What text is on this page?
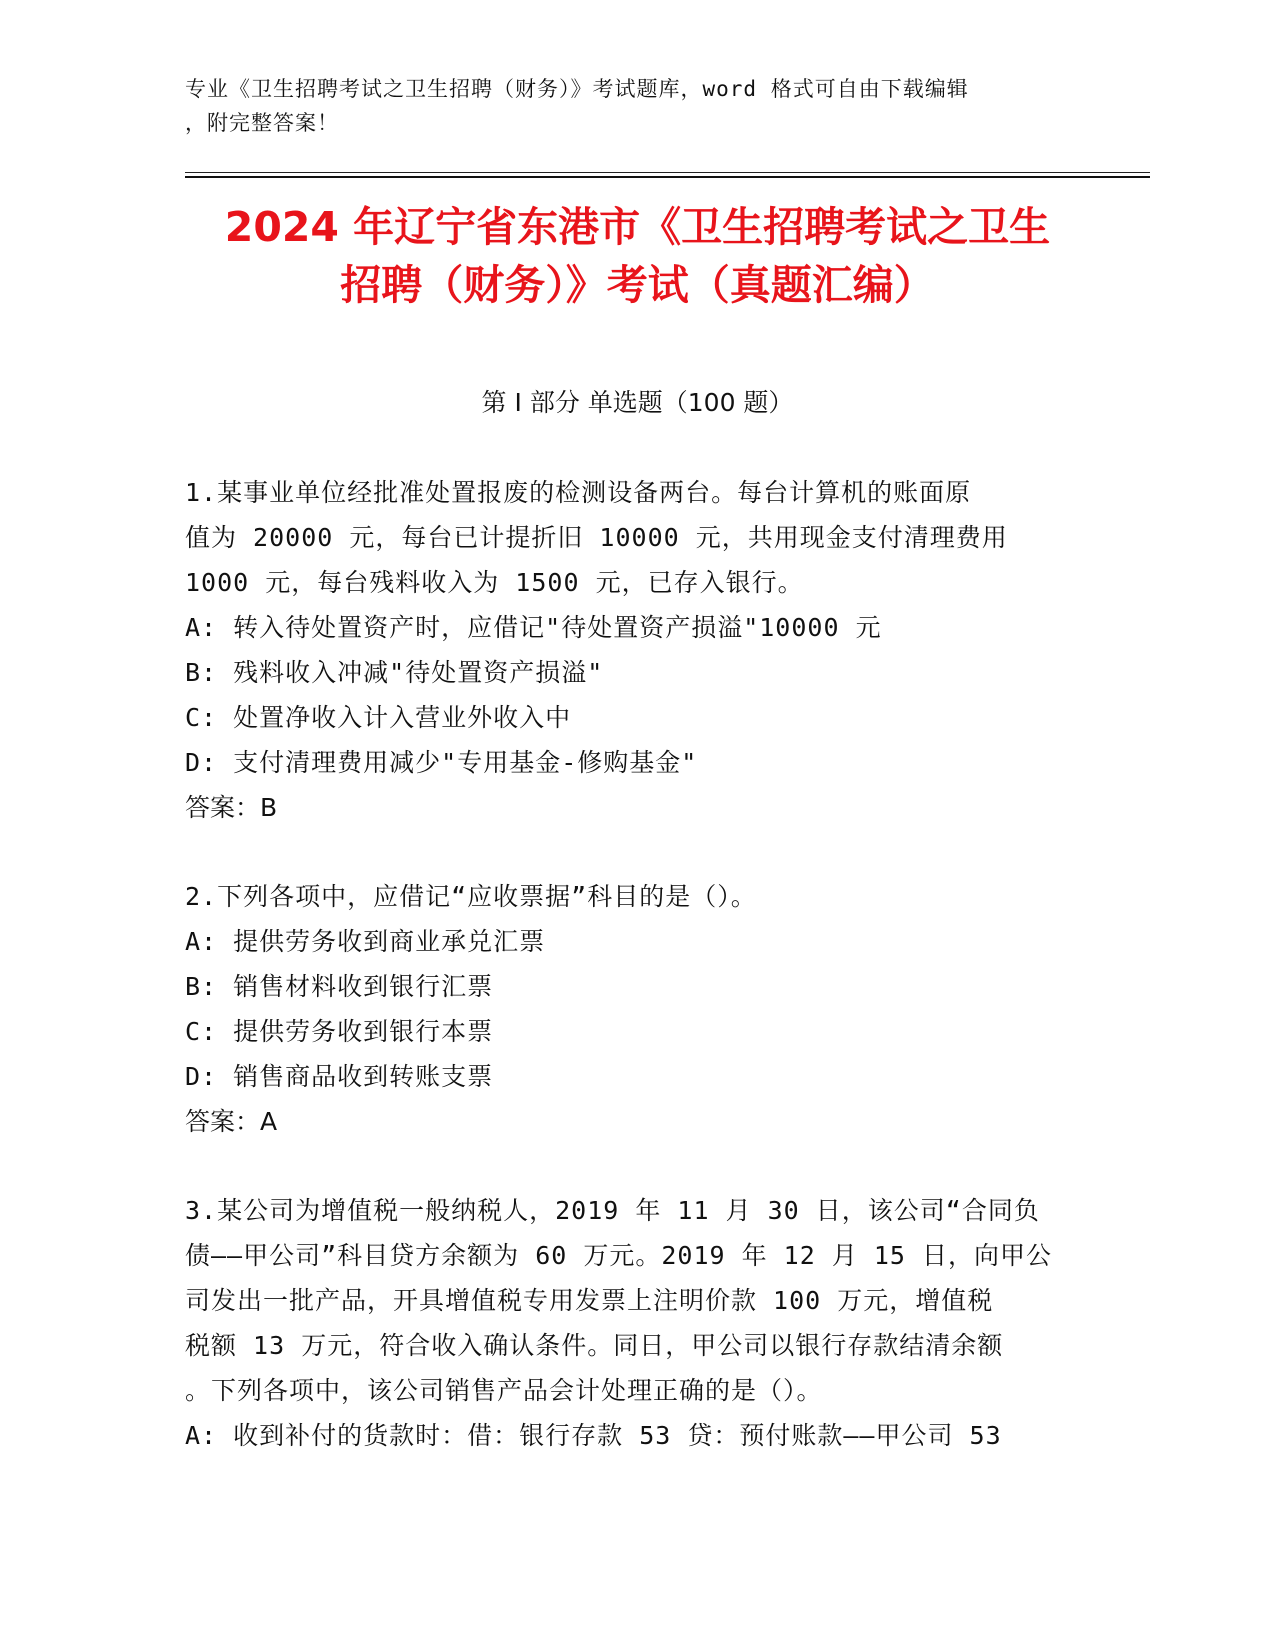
专业《卫生招聘考试之卫生招聘（财务）》考试题库，word 格式可自由下载编辑
，附完整答案！
2024 年辽宁省东港市《卫生招聘考试之卫生
招聘（财务）》考试（真题汇编）
第 I 部分 单选题（100 题）

1.某事业单位经批准处置报废的检测设备两台。每台计算机的账面原

值为 20000 元，每台已计提折旧 10000 元，共用现金支付清理费用

1000 元，每台残料收入为 1500 元，已存入银行。

A: 转入待处置资产时，应借记"待处置资产损溢"10000 元

B: 残料收入冲减"待处置资产损溢"

C: 处置净收入计入营业外收入中

D: 支付清理费用减少"专用基金-修购基金"

答案：B

2.下列各项中，应借记“应收票据”科目的是（）。

A: 提供劳务收到商业承兑汇票

B: 销售材料收到银行汇票

C: 提供劳务收到银行本票

D: 销售商品收到转账支票

答案：A

3.某公司为增值税一般纳税人，2019 年 11 月 30 日，该公司“合同负

债——甲公司”科目贷方余额为 60 万元。2019 年 12 月 15 日，向甲公

司发出一批产品，开具增值税专用发票上注明价款 100 万元，增值税

税额 13 万元，符合收入确认条件。同日，甲公司以银行存款结清余额

。下列各项中，该公司销售产品会计处理正确的是（）。

A: 收到补付的货款时：借：银行存款 53 贷：预付账款——甲公司 53
